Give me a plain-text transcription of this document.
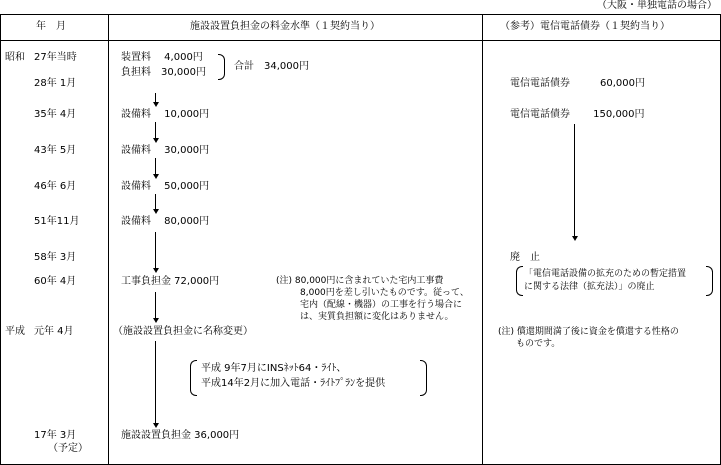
（大阪・単独電話の場合）
年　月	施設設置負担金の料金水準（１契約当り）	（参考）電信電話債券（１契約当り）
昭和 27年当時
28年 1月
35年 4月
43年 5月
46年 6月
51年11月
58年 3月
60年 4月
平成 元年 4月
17年 3月
（予定）
装置料　 4,000円
負担料　30,000円
合計　34,000円
設備料　 10,000円
設備料　 30,000円
設備料　 50,000円
設備料　 80,000円
工事負担金 72,000円
（施設設置負担金に名称変更）
施設設置負担金 36,000円
(注) 80,000円に含まれていた宅内工事費
8,000円を差し引いたものです。従って、
宅内（配線・機器）の工事を行う場合に
は、実質負担額に変化はありません。
平成 9年7月にINSﾈｯﾄ64・ﾗｲﾄ、
平成14年2月に加入電話・ﾗｲﾄﾌﾟﾗﾝを提供
電信電話債券　　　60,000円
電信電話債券　　 150,000円
廃　止
「電信電話設備の拡充のための暫定措置
に関する法律（拡充法）」の廃止
(注) 償還期間満了後に資金を償還する性格の
ものです。
